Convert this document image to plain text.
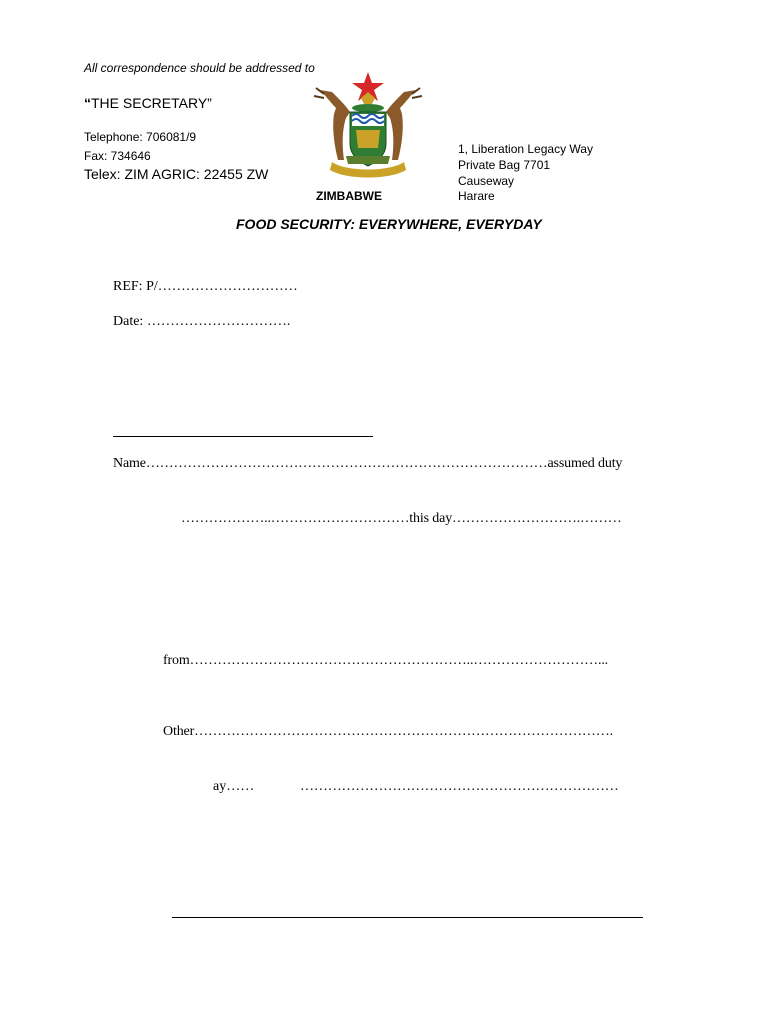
All correspondence should be addressed to
“THE SECRETARY”
Telephone: 706081/9
Fax: 734646
Telex: ZIM AGRIC: 22455 ZW
ZIMBABWE
1, Liberation Legacy Way
Private Bag 7701
Causeway
Harare
FOOD SECURITY: EVERYWHERE, EVERYDAY
REF: P/…………………………
Date: ………………………….
Name……………………………………………………………………………assumed duty
………………..…………………………this day……………………….………
from……………………………………………………..………………………...
Other……………………………………………………………………………….
ay……	……………………………………………………………
